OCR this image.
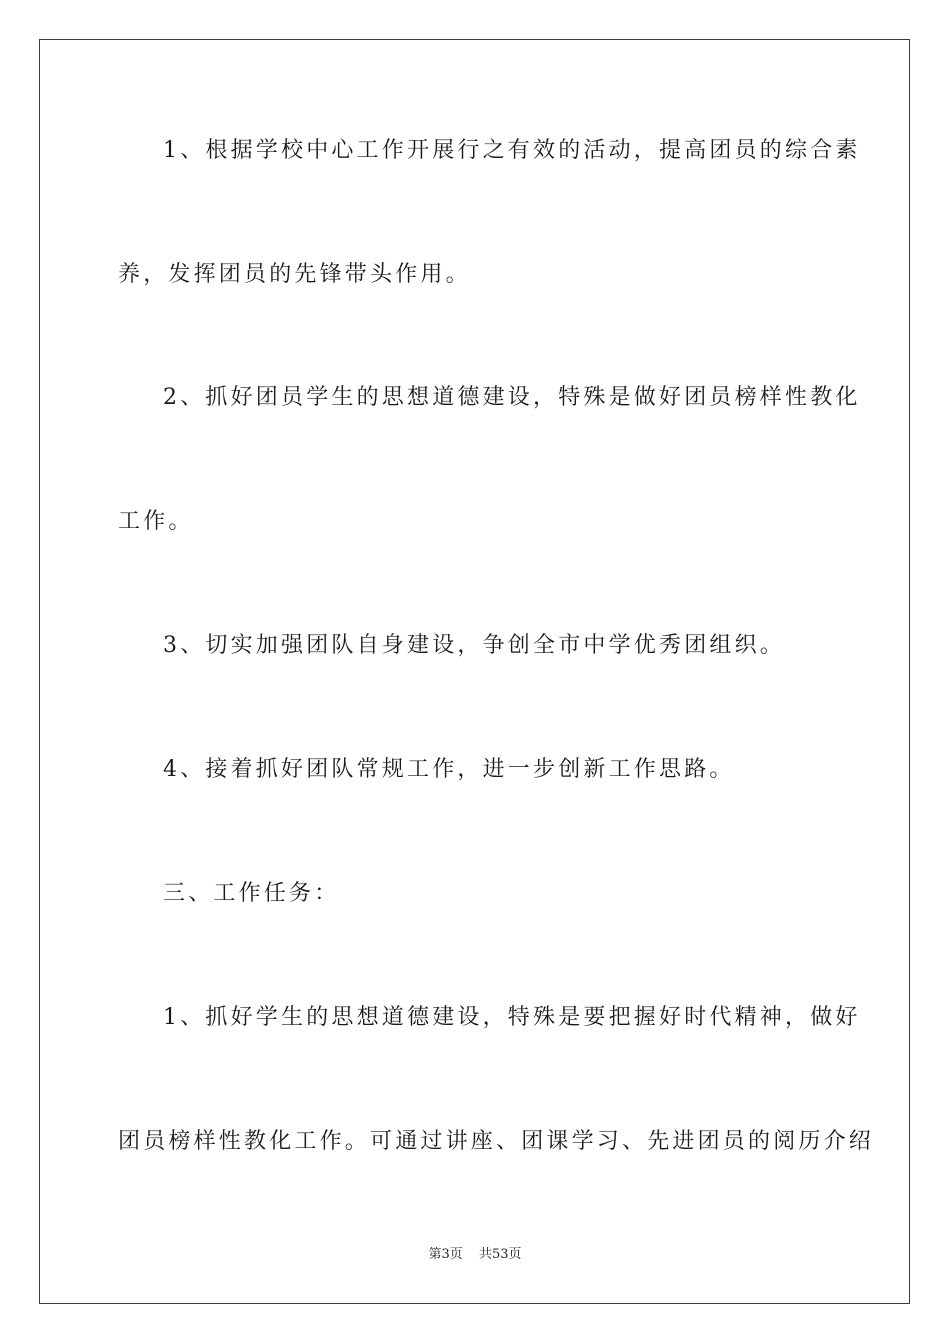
1、根据学校中心工作开展行之有效的活动，提高团员的综合素
养，发挥团员的先锋带头作用。
2、抓好团员学生的思想道德建设，特殊是做好团员榜样性教化
工作。
3、切实加强团队自身建设，争创全市中学优秀团组织。
4、接着抓好团队常规工作，进一步创新工作思路。
三、工作任务：
1、抓好学生的思想道德建设，特殊是要把握好时代精神，做好
团员榜样性教化工作。可通过讲座、团课学习、先进团员的阅历介绍
第3页 共53页
